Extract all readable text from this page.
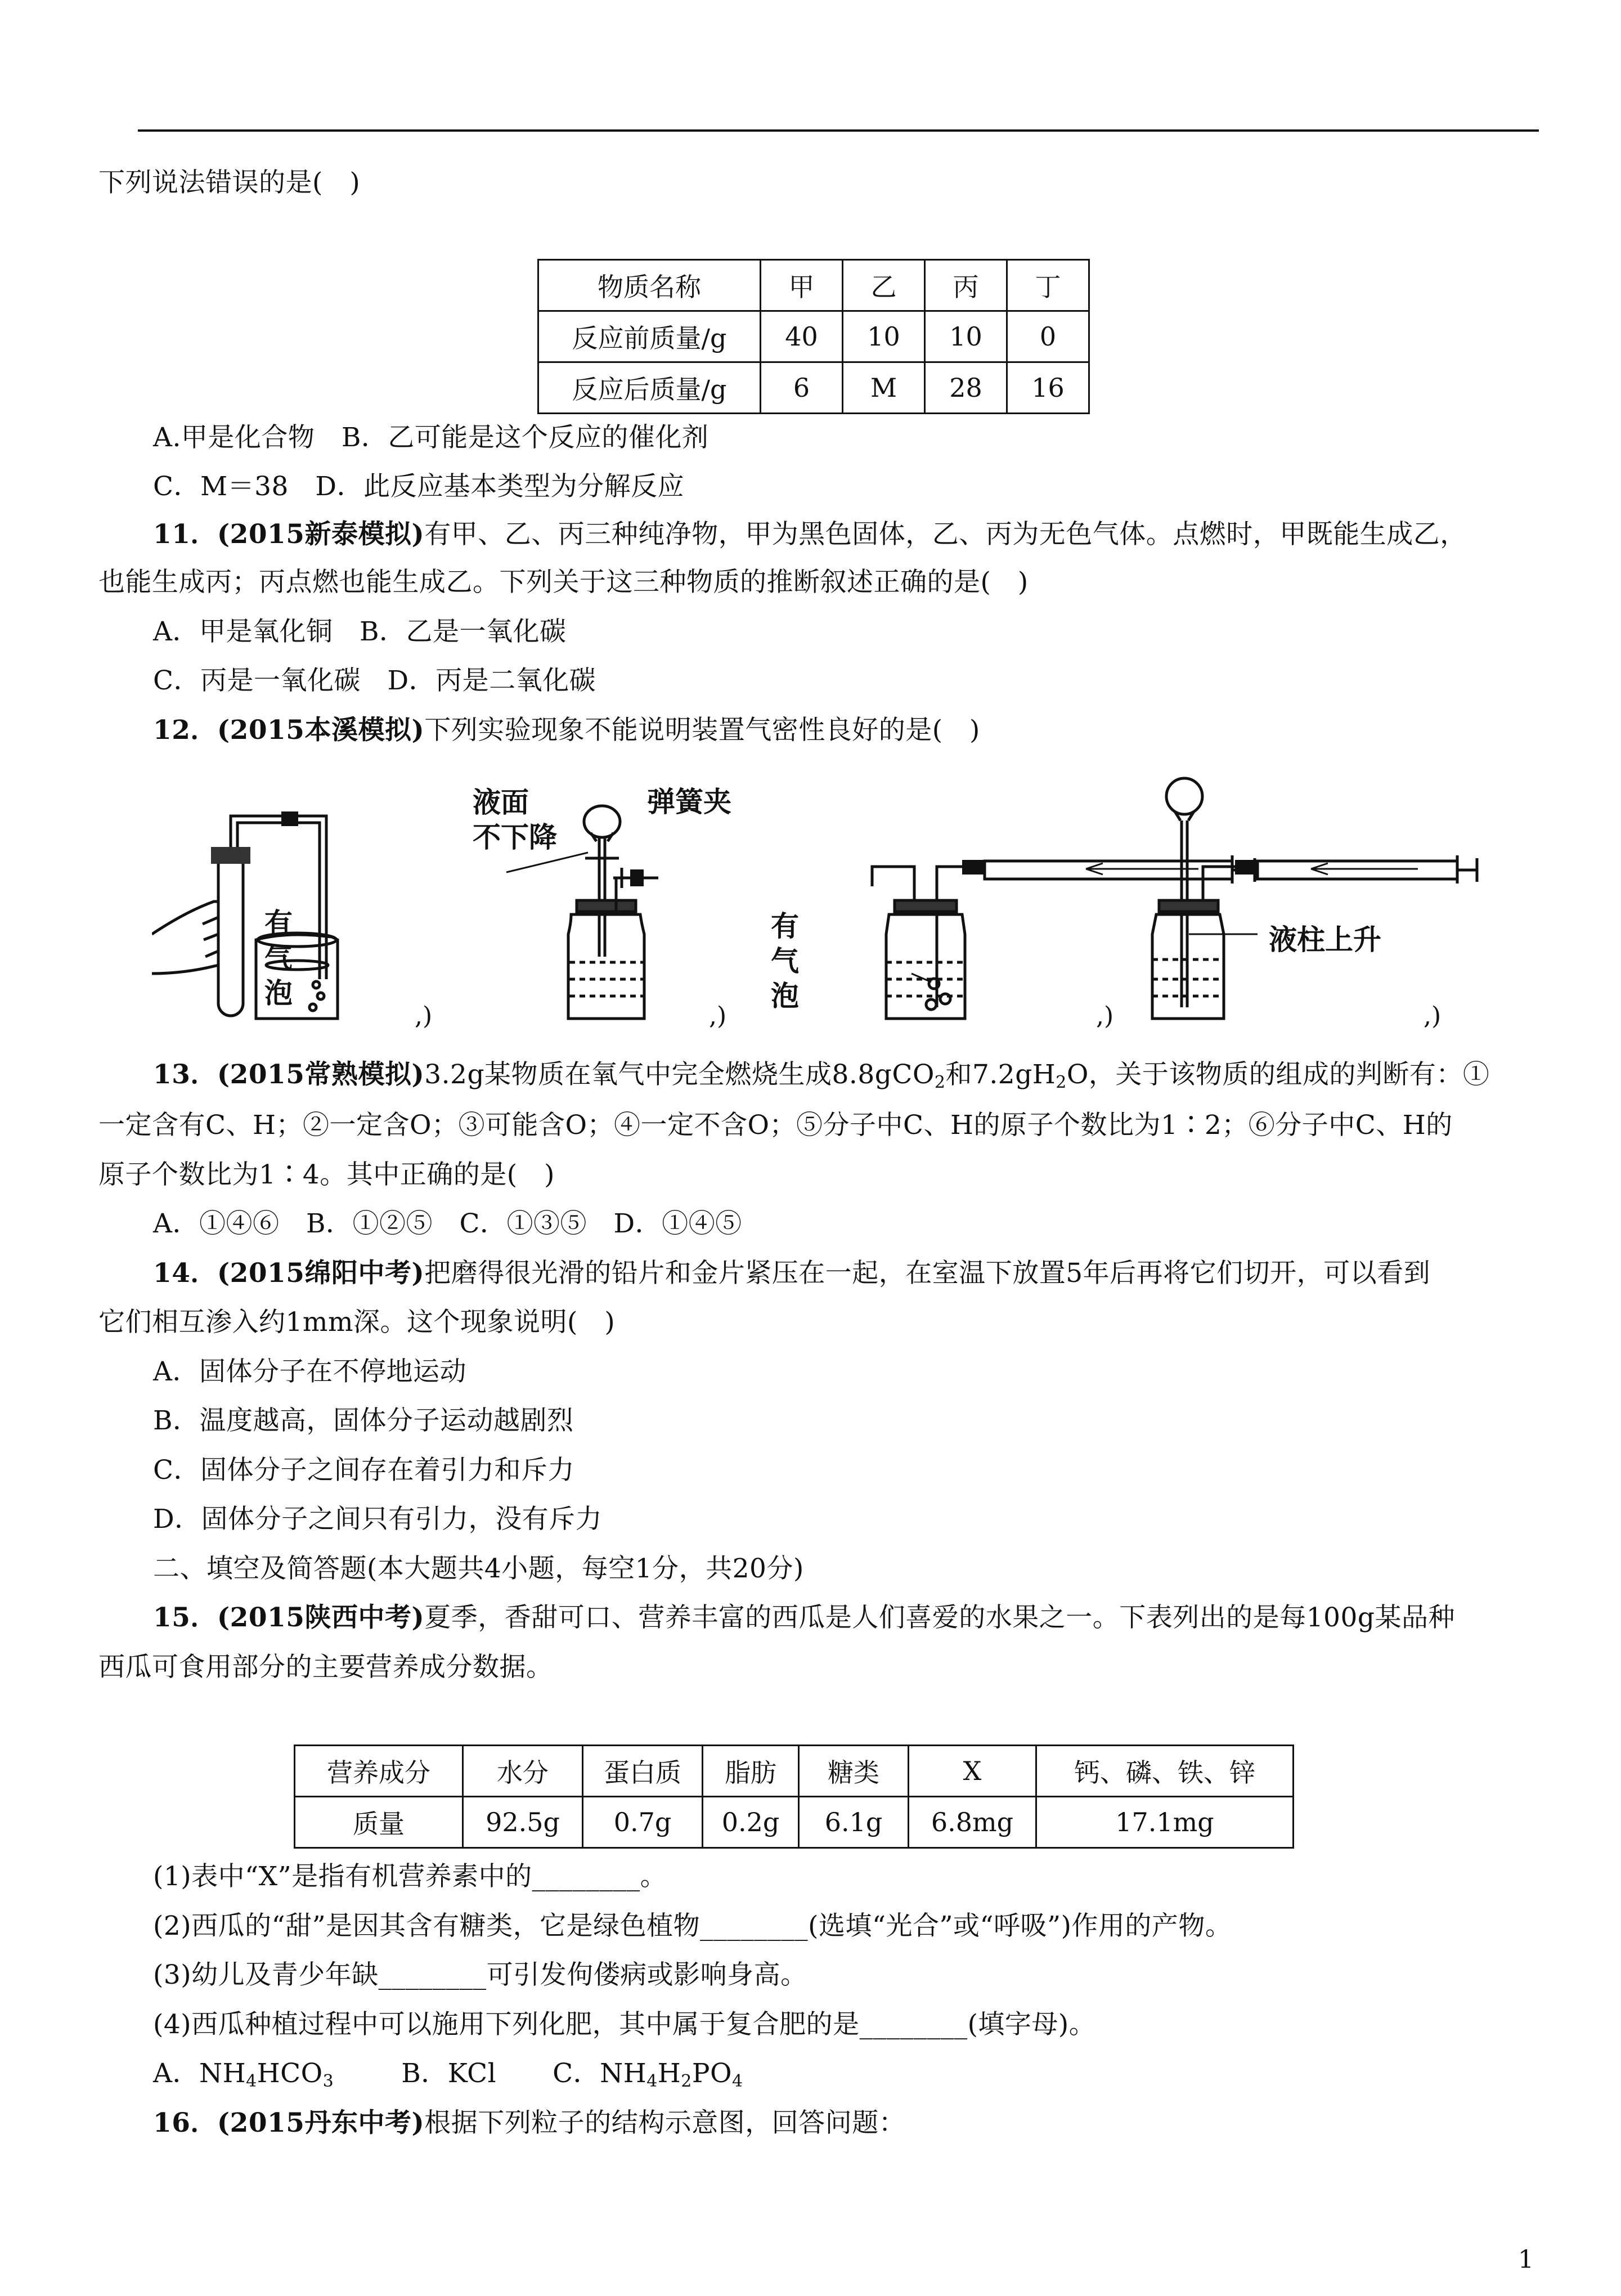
下列说法错误的是(　)
物质名称	甲	乙	丙	丁
反应前质量/g	40	10	10	0
反应后质量/g	6	M	28	16
A.甲是化合物　B．乙可能是这个反应的催化剂
C．M＝38　D．此反应基本类型为分解反应
11．(2015新泰模拟)有甲、乙、丙三种纯净物，甲为黑色固体，乙、丙为无色气体。点燃时，甲既能生成乙，
也能生成丙；丙点燃也能生成乙。下列关于这三种物质的推断叙述正确的是(　)
A．甲是氧化铜　B．乙是一氧化碳
C．丙是一氧化碳　D．丙是二氧化碳
12．(2015本溪模拟)下列实验现象不能说明装置气密性良好的是(　)
有
气
泡
,)
液面
不下降
弹簧夹
,)
有
气
泡
,)
液柱上升
,)
13．(2015常熟模拟)3.2g某物质在氧气中完全燃烧生成8.8gCO$_2$和$7.2gH_2O$，关于该物质的组成的判断有：①
一定含有C、H；②一定含O；③可能含O；④一定不含O；⑤分子中C、H的原子个数比为1∶2；⑥分子中C、H的
原子个数比为1∶4。其中正确的是(　)
A．①④⑥　B．①②⑤　C．①③⑤　D．①④⑤
14．(2015绵阳中考)把磨得很光滑的铅片和金片紧压在一起，在室温下放置5年后再将它们切开，可以看到
它们相互渗入约1mm深。这个现象说明(　)
A．固体分子在不停地运动
B．温度越高，固体分子运动越剧烈
C．固体分子之间存在着引力和斥力
D．固体分子之间只有引力，没有斥力
二、填空及简答题(本大题共4小题，每空1分，共20分)
15．(2015陕西中考)夏季，香甜可口、营养丰富的西瓜是人们喜爱的水果之一。下表列出的是每100g某品种
西瓜可食用部分的主要营养成分数据。
营养成分	水分	蛋白质	脂肪	糖类	X	钙、磷、铁、锌
质量	92.5g	0.7g	0.2g	6.1g	6.8mg	17.1mg
(1)表中“X”是指有机营养素中的________。
(2)西瓜的“甜”是因其含有糖类，它是绿色植物________(选填“光合”或“呼吸”)作用的产物。
(3)幼儿及青少年缺________可引发佝偻病或影响身高。
(4)西瓜种植过程中可以施用下列化肥，其中属于复合肥的是________(填字母)。
A．$NH_4HCO_3$	B．KCl C．$NH_4H_2PO_4$
16．(2015丹东中考)根据下列粒子的结构示意图，回答问题：
1
